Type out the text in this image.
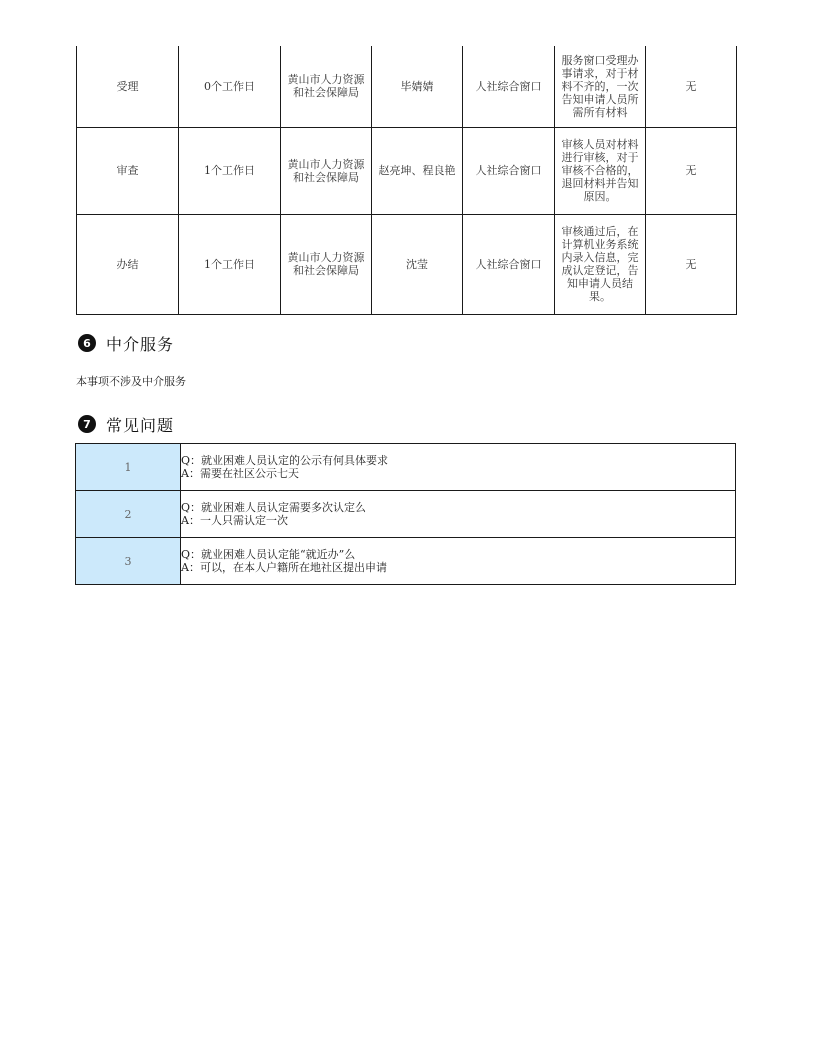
受理	0个工作日	黄山市人力资源和社会保障局	毕婧婧	人社综合窗口	服务窗口受理办事请求，对于材料不齐的，一次告知申请人员所需所有材料	无
审查	1个工作日	黄山市人力资源和社会保障局	赵亮坤、程良艳	人社综合窗口	审核人员对材料进行审核，对于审核不合格的，退回材料并告知原因。	无
办结	1个工作日	黄山市人力资源和社会保障局	沈莹	人社综合窗口	审核通过后，在计算机业务系统内录入信息，完成认定登记，告知申请人员结果。	无
6 中介服务
本事项不涉及中介服务
7 常见问题
1	Q：就业困难人员认定的公示有何具体要求
A：需要在社区公示七天

2	Q：就业困难人员认定需要多次认定么
A：一人只需认定一次

3	Q：就业困难人员认定能“就近办”么
A：可以，在本人户籍所在地社区提出申请
